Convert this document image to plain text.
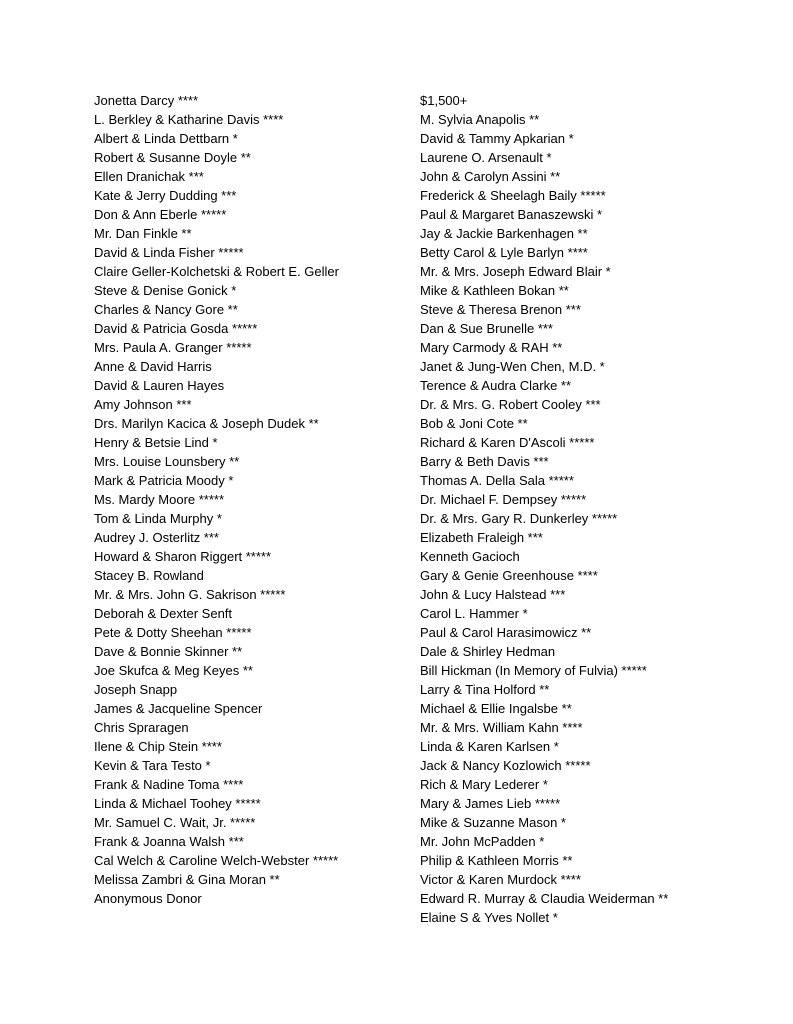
Jonetta Darcy ****
L. Berkley & Katharine Davis ****
Albert & Linda Dettbarn *
Robert & Susanne Doyle **
Ellen Dranichak ***
Kate & Jerry Dudding ***
Don & Ann Eberle *****
Mr. Dan Finkle **
David & Linda Fisher *****
Claire Geller-Kolchetski & Robert E. Geller
Steve & Denise Gonick *
Charles & Nancy Gore **
David & Patricia Gosda *****
Mrs. Paula A. Granger *****
Anne & David Harris
David & Lauren Hayes
Amy Johnson ***
Drs. Marilyn Kacica & Joseph Dudek **
Henry & Betsie Lind *
Mrs. Louise Lounsbery **
Mark & Patricia Moody *
Ms. Mardy Moore *****
Tom & Linda Murphy *
Audrey J. Osterlitz ***
Howard & Sharon Riggert *****
Stacey B. Rowland
Mr. & Mrs. John G. Sakrison *****
Deborah & Dexter Senft
Pete & Dotty Sheehan *****
Dave & Bonnie Skinner **
Joe Skufca & Meg Keyes **
Joseph Snapp
James & Jacqueline Spencer
Chris Spraragen
Ilene & Chip Stein ****
Kevin & Tara Testo *
Frank & Nadine Toma ****
Linda & Michael Toohey *****
Mr. Samuel C. Wait, Jr. *****
Frank & Joanna Walsh ***
Cal Welch & Caroline Welch-Webster *****
Melissa Zambri & Gina Moran **
Anonymous Donor
$1,500+
M. Sylvia Anapolis **
David & Tammy Apkarian *
Laurene O. Arsenault *
John & Carolyn Assini **
Frederick & Sheelagh Baily *****
Paul & Margaret Banaszewski *
Jay & Jackie Barkenhagen **
Betty Carol & Lyle Barlyn ****
Mr. & Mrs. Joseph Edward Blair *
Mike & Kathleen Bokan **
Steve & Theresa Brenon ***
Dan & Sue Brunelle ***
Mary Carmody & RAH **
Janet & Jung-Wen Chen, M.D. *
Terence & Audra Clarke **
Dr. & Mrs. G. Robert Cooley ***
Bob & Joni Cote **
Richard & Karen D'Ascoli *****
Barry & Beth Davis ***
Thomas A. Della Sala *****
Dr. Michael F. Dempsey *****
Dr. & Mrs. Gary R. Dunkerley *****
Elizabeth Fraleigh ***
Kenneth Gacioch
Gary & Genie Greenhouse ****
John & Lucy Halstead ***
Carol L. Hammer *
Paul & Carol Harasimowicz **
Dale & Shirley Hedman
Bill Hickman (In Memory of Fulvia) *****
Larry & Tina Holford **
Michael & Ellie Ingalsbe **
Mr. & Mrs. William Kahn ****
Linda & Karen Karlsen *
Jack & Nancy Kozlowich *****
Rich & Mary Lederer *
Mary & James Lieb *****
Mike & Suzanne Mason *
Mr. John McPadden *
Philip & Kathleen Morris **
Victor & Karen Murdock ****
Edward R. Murray & Claudia Weiderman **
Elaine S & Yves Nollet *
